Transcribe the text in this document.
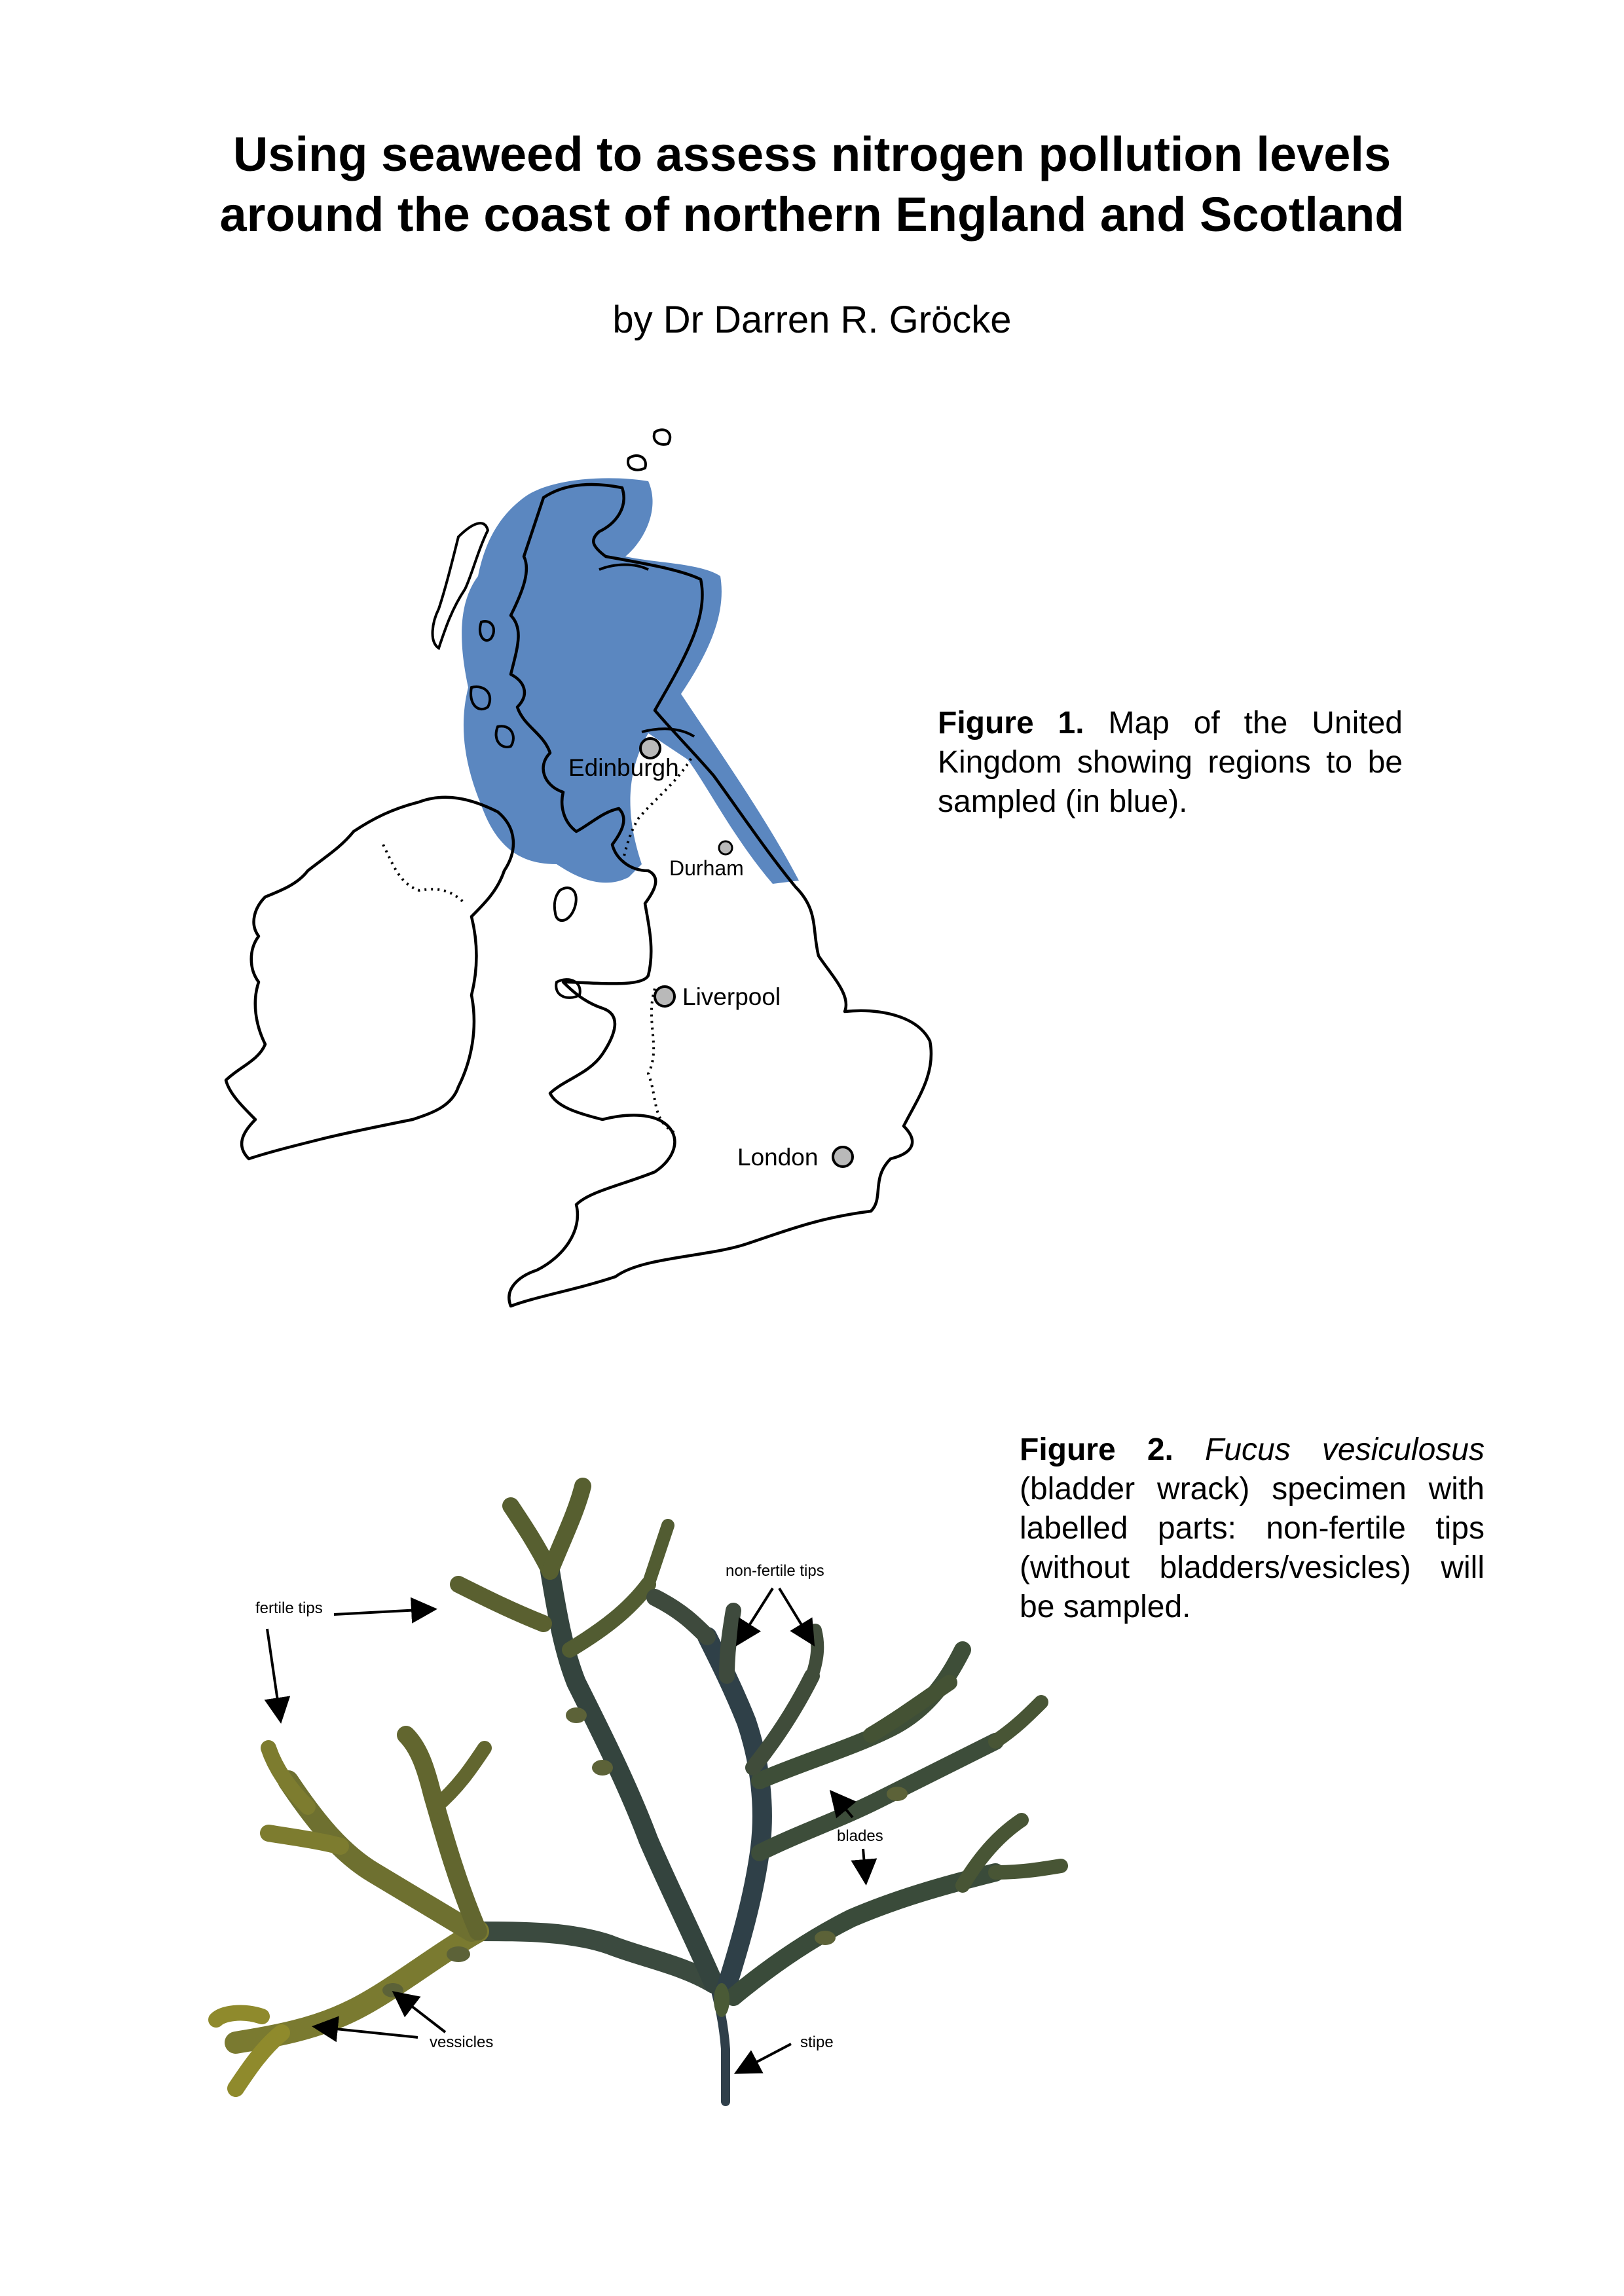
Using seaweed to assess nitrogen pollution levels
around the coast of northern England and Scotland
by Dr Darren R. Gröcke
Edinburgh
Durham
Liverpool
London
fertile tips
non-fertile tips
blades
vessicles	stipe
Figure 1. Map of the United Kingdom showing regions to be sampled (in blue).
Figure 2. Fucus vesiculosus (bladder wrack) specimen with labelled parts: non-fertile tips (without bladders/vesicles) will be sampled.
